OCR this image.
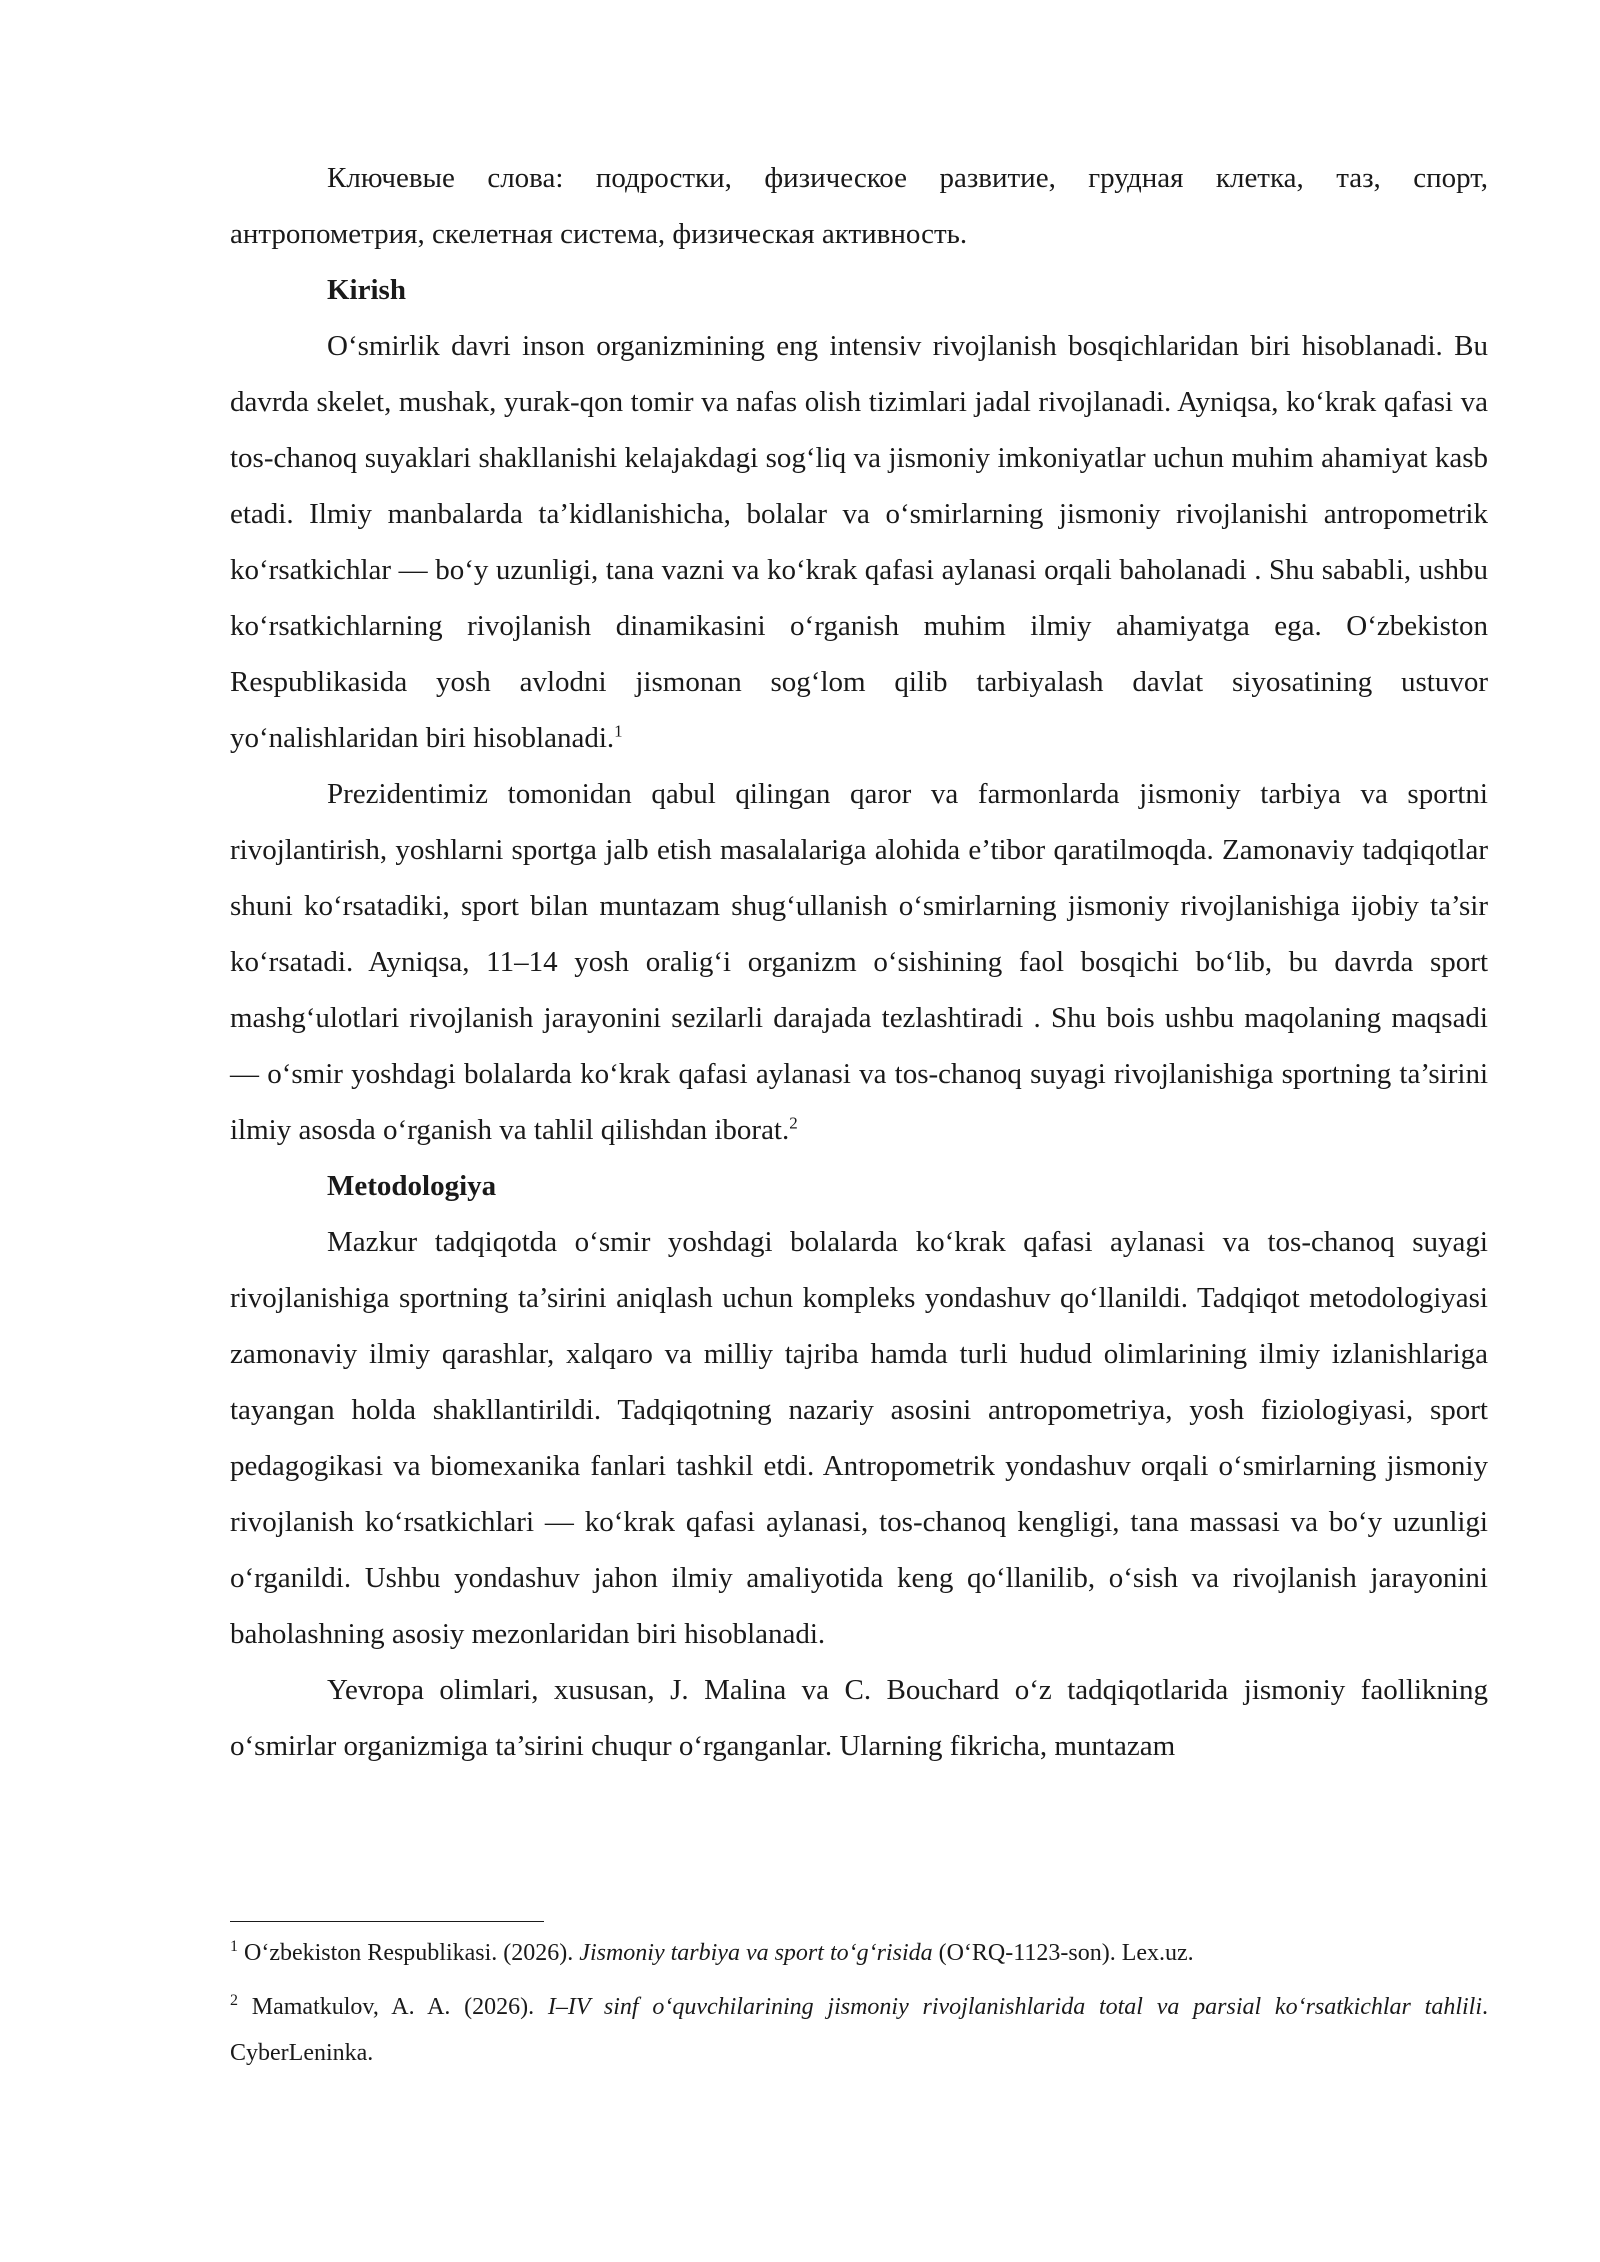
Ключевые слова: подростки, физическое развитие, грудная клетка, таз, спорт, антропометрия, скелетная система, физическая активность.

Kirish

O‘smirlik davri inson organizmining eng intensiv rivojlanish bosqichlaridan biri hisoblanadi. Bu davrda skelet, mushak, yurak-qon tomir va nafas olish tizimlari jadal rivojlanadi. Ayniqsa, ko‘krak qafasi va tos-chanoq suyaklari shakllanishi kelajakdagi sog‘liq va jismoniy imkoniyatlar uchun muhim ahamiyat kasb etadi. Ilmiy manbalarda ta’kidlanishicha, bolalar va o‘smirlarning jismoniy rivojlanishi antropometrik ko‘rsatkichlar — bo‘y uzunligi, tana vazni va ko‘krak qafasi aylanasi orqali baholanadi . Shu sababli, ushbu ko‘rsatkichlarning rivojlanish dinamikasini o‘rganish muhim ilmiy ahamiyatga ega. O‘zbekiston Respublikasida yosh avlodni jismonan sog‘lom qilib tarbiyalash davlat siyosatining ustuvor yo‘nalishlaridan biri hisoblanadi.$^1$

Prezidentimiz tomonidan qabul qilingan qaror va farmonlarda jismoniy tarbiya va sportni rivojlantirish, yoshlarni sportga jalb etish masalalariga alohida e’tibor qaratilmoqda. Zamonaviy tadqiqotlar shuni ko‘rsatadiki, sport bilan muntazam shug‘ullanish o‘smirlarning jismoniy rivojlanishiga ijobiy ta’sir ko‘rsatadi. Ayniqsa, 11–14 yosh oralig‘i organizm o‘sishining faol bosqichi bo‘lib, bu davrda sport mashg‘ulotlari rivojlanish jarayonini sezilarli darajada tezlashtiradi . Shu bois ushbu maqolaning maqsadi — o‘smir yoshdagi bolalarda ko‘krak qafasi aylanasi va tos-chanoq suyagi rivojlanishiga sportning ta’sirini ilmiy asosda o‘rganish va tahlil qilishdan iborat.$^2$

Metodologiya

Mazkur tadqiqotda o‘smir yoshdagi bolalarda ko‘krak qafasi aylanasi va tos-chanoq suyagi rivojlanishiga sportning ta’sirini aniqlash uchun kompleks yondashuv qo‘llanildi. Tadqiqot metodologiyasi zamonaviy ilmiy qarashlar, xalqaro va milliy tajriba hamda turli hudud olimlarining ilmiy izlanishlariga tayangan holda shakllantirildi. Tadqiqotning nazariy asosini antropometriya, yosh fiziologiyasi, sport pedagogikasi va biomexanika fanlari tashkil etdi. Antropometrik yondashuv orqali o‘smirlarning jismoniy rivojlanish ko‘rsatkichlari — ko‘krak qafasi aylanasi, tos-chanoq kengligi, tana massasi va bo‘y uzunligi o‘rganildi. Ushbu yondashuv jahon ilmiy amaliyotida keng qo‘llanilib, o‘sish va rivojlanish jarayonini baholashning asosiy mezonlaridan biri hisoblanadi.

Yevropa olimlari, xususan, J. Malina va C. Bouchard o‘z tadqiqotlarida jismoniy faollikning o‘smirlar organizmiga ta’sirini chuqur o‘rganganlar. Ularning fikricha, muntazam

$^1$ O‘zbekiston Respublikasi. (2026). Jismoniy tarbiya va sport to‘g‘risida (O‘RQ-1123-son). Lex.uz.

$^2$ Mamatkulov, A. A. (2026). I–IV sinf o‘quvchilarining jismoniy rivojlanishlarida total va parsial ko‘rsatkichlar tahlili. CyberLeninka.
